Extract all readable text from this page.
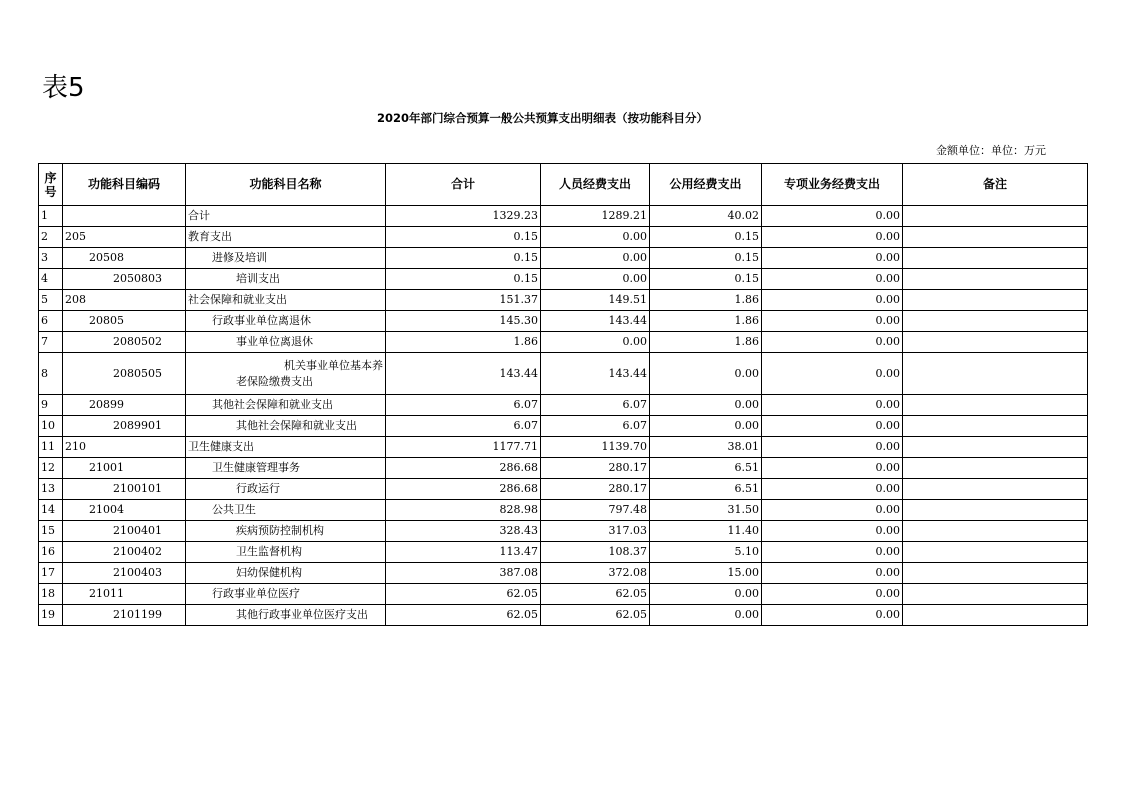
表5
2020年部门综合预算一般公共预算支出明细表（按功能科目分）
金额单位：单位：万元
序号	功能科目编码	功能科目名称	合计	人员经费支出	公用经费支出	专项业务经费支出	备注
1		合计	1329.23	1289.21	40.02	0.00	
2	205	教育支出	0.15	0.00	0.15	0.00	
3	20508	进修及培训	0.15	0.00	0.15	0.00	
4	2050803	培训支出	0.15	0.00	0.15	0.00	
5	208	社会保障和就业支出	151.37	149.51	1.86	0.00	
6	20805	行政事业单位离退休	145.30	143.44	1.86	0.00	
7	2080502	事业单位离退休	1.86	0.00	1.86	0.00	
8	2080505	机关事业单位基本养老保险缴费支出	143.44	143.44	0.00	0.00	
9	20899	其他社会保障和就业支出	6.07	6.07	0.00	0.00	
10	2089901	其他社会保障和就业支出	6.07	6.07	0.00	0.00	
11	210	卫生健康支出	1177.71	1139.70	38.01	0.00	
12	21001	卫生健康管理事务	286.68	280.17	6.51	0.00	
13	2100101	行政运行	286.68	280.17	6.51	0.00	
14	21004	公共卫生	828.98	797.48	31.50	0.00	
15	2100401	疾病预防控制机构	328.43	317.03	11.40	0.00	
16	2100402	卫生监督机构	113.47	108.37	5.10	0.00	
17	2100403	妇幼保健机构	387.08	372.08	15.00	0.00	
18	21011	行政事业单位医疗	62.05	62.05	0.00	0.00	
19	2101199	其他行政事业单位医疗支出	62.05	62.05	0.00	0.00	
